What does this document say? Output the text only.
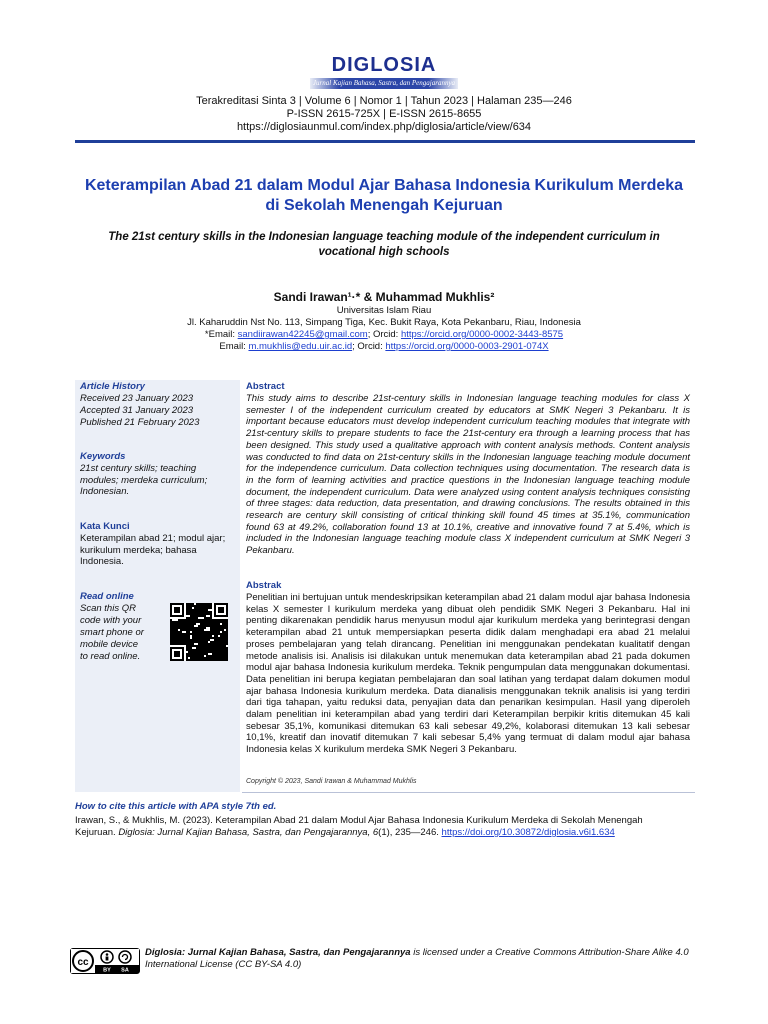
DIGLOSIA
Jurnal Kajian Bahasa, Sastra, dan Pengajarannya
Terakreditasi Sinta 3 | Volume 6 | Nomor 1 | Tahun 2023 | Halaman 235—246
P-ISSN 2615-725X | E-ISSN 2615-8655
https://diglosiaunmul.com/index.php/diglosia/article/view/634
Keterampilan Abad 21 dalam Modul Ajar Bahasa Indonesia Kurikulum Merdeka di Sekolah Menengah Kejuruan
The 21st century skills in the Indonesian language teaching module of the independent curriculum in vocational high schools
Sandi Irawan¹·* & Muhammad Mukhlis²
Universitas Islam Riau
Jl. Kaharuddin Nst No. 113, Simpang Tiga, Kec. Bukit Raya, Kota Pekanbaru, Riau, Indonesia
*Email: sandiirawan42245@gmail.com; Orcid: https://orcid.org/0000-0002-3443-8575
Email: m.mukhlis@edu.uir.ac.id; Orcid: https://orcid.org/0000-0003-2901-074X
Article History
Received 23 January 2023
Accepted 31 January 2023
Published 21 February 2023
Keywords
21st century skills; teaching modules; merdeka curriculum; Indonesian.
Kata Kunci
Keterampilan abad 21; modul ajar; kurikulum merdeka; bahasa Indonesia.
Read online
Scan this QR
code with your
smart phone or
mobile device
to read online.
Abstract
This study aims to describe 21st-century skills in Indonesian language teaching modules for class X semester I of the independent curriculum created by educators at SMK Negeri 3 Pekanbaru. It is important because educators must develop independent curriculum teaching modules that integrate with 21st-century skills to prepare students to face the 21st-century era through a learning process that has been designed. This study used a qualitative approach with content analysis methods. Content analysis was conducted to find data on 21st-century skills in the Indonesian language teaching module document for the independence curriculum. Data collection techniques using documentation. The research data is in the form of learning activities and practice questions in the Indonesian language teaching module document, the independent curriculum. Data were analyzed using content analysis techniques consisting of three stages: data reduction, data presentation, and drawing conclusions. The results obtained in this research are century skill consisting of critical thinking skill found 45 times at 35.1%, communication found 63 at 49.2%, collaboration found 13 at 10.1%, creative and innovative found 7 at 5.4%, which is included in the Indonesian language teaching module class X independent curriculum at SMK Negeri 3 Pekanbaru.
Abstrak
Penelitian ini bertujuan untuk mendeskripsikan keterampilan abad 21 dalam modul ajar bahasa Indonesia kelas X semester I kurikulum merdeka yang dibuat oleh pendidik SMK Negeri 3 Pekanbaru. Hal ini penting dikarenakan pendidik harus menyusun modul ajar kurikulum merdeka yang berintegrasi dengan keterampilan abad 21 untuk mempersiapkan peserta didik dalam menghadapi era abad 21 melalui proses pembelajaran yang telah dirancang. Penelitian ini menggunakan pendekatan kualitatif dengan metode analisis isi. Analisis isi dilakukan untuk menemukan data keterampilan abad 21 pada dokumen modul ajar bahasa Indonesia kurikulum merdeka. Teknik pengumpulan data menggunakan dokumentasi. Data penelitian ini berupa kegiatan pembelajaran dan soal latihan yang terdapat dalam dokumen modul ajar bahasa Indonesia kurikulum merdeka. Data dianalisis menggunakan teknik analisis isi yang terdiri dari tiga tahapan, yaitu reduksi data, penyajian data dan penarikan kesimpulan. Hasil yang diperoleh dalam penelitian ini keterampilan abad yang terdiri dari Keterampilan berpikir kritis ditemukan 45 kali sebesar 35,1%, komunikasi ditemukan 63 kali sebesar 49,2%, kolaborasi ditemukan 13 kali sebesar 10,1%, kreatif dan inovatif ditemukan 7 kali sebesar 5,4% yang termuat di dalam modul ajar bahasa Indonesia kelas X kurikulum merdeka SMK Negeri 3 Pekanbaru.
Copyright © 2023, Sandi Irawan & Muhammad Mukhlis
How to cite this article with APA style 7th ed.
Irawan, S., & Mukhlis, M. (2023). Keterampilan Abad 21 dalam Modul Ajar Bahasa Indonesia Kurikulum Merdeka di Sekolah Menengah
Kejuruan. Diglosia: Jurnal Kajian Bahasa, Sastra, dan Pengajarannya, 6(1), 235—246. https://doi.org/10.30872/diglosia.v6i1.634
cc
BY SA
Diglosia: Jurnal Kajian Bahasa, Sastra, dan Pengajarannya is licensed under a Creative Commons Attribution-Share Alike 4.0 International License (CC BY-SA 4.0)
